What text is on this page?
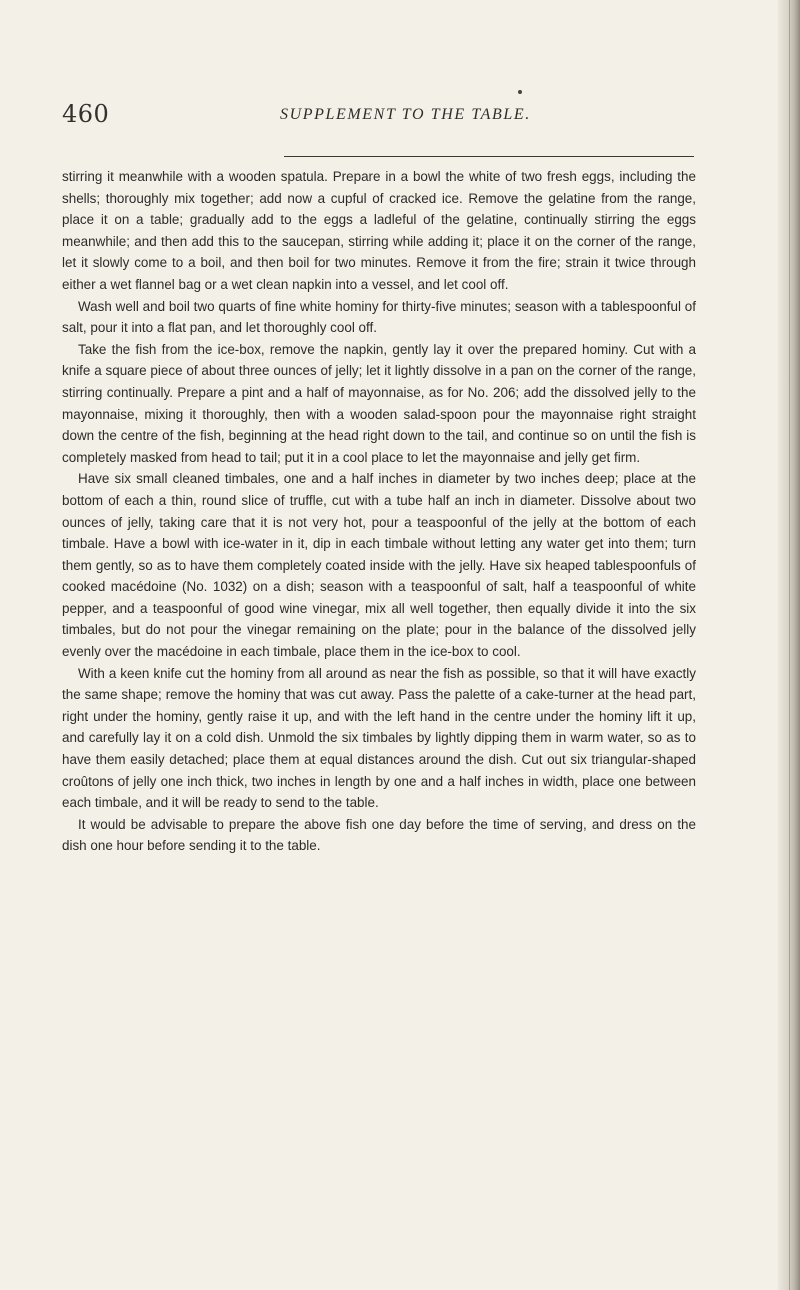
460	SUPPLEMENT TO THE TABLE.

stirring it meanwhile with a wooden spatula. Prepare in a bowl the white of two fresh eggs, including the shells; thoroughly mix together; add now a cupful of cracked ice. Remove the gelatine from the range, place it on a table; gradually add to the eggs a ladleful of the gelatine, continually stirring the eggs meanwhile; and then add this to the saucepan, stirring while adding it; place it on the corner of the range, let it slowly come to a boil, and then boil for two minutes. Remove it from the fire; strain it twice through either a wet flannel bag or a wet clean napkin into a vessel, and let cool off.

Wash well and boil two quarts of fine white hominy for thirty-five minutes; season with a tablespoonful of salt, pour it into a flat pan, and let thoroughly cool off.

Take the fish from the ice-box, remove the napkin, gently lay it over the prepared hominy. Cut with a knife a square piece of about three ounces of jelly; let it lightly dissolve in a pan on the corner of the range, stirring continually. Prepare a pint and a half of mayonnaise, as for No. 206; add the dissolved jelly to the mayonnaise, mixing it thoroughly, then with a wooden salad-spoon pour the mayonnaise right straight down the centre of the fish, beginning at the head right down to the tail, and continue so on until the fish is completely masked from head to tail; put it in a cool place to let the mayonnaise and jelly get firm.

Have six small cleaned timbales, one and a half inches in diameter by two inches deep; place at the bottom of each a thin, round slice of truffle, cut with a tube half an inch in diameter. Dissolve about two ounces of jelly, taking care that it is not very hot, pour a teaspoonful of the jelly at the bottom of each timbale. Have a bowl with ice-water in it, dip in each timbale without letting any water get into them; turn them gently, so as to have them completely coated inside with the jelly. Have six heaped tablespoonfuls of cooked macédoine (No. 1032) on a dish; season with a teaspoonful of salt, half a teaspoonful of white pepper, and a teaspoonful of good wine vinegar, mix all well together, then equally divide it into the six timbales, but do not pour the vinegar remaining on the plate; pour in the balance of the dissolved jelly evenly over the macédoine in each timbale, place them in the ice-box to cool.

With a keen knife cut the hominy from all around as near the fish as possible, so that it will have exactly the same shape; remove the hominy that was cut away. Pass the palette of a cake-turner at the head part, right under the hominy, gently raise it up, and with the left hand in the centre under the hominy lift it up, and carefully lay it on a cold dish. Unmold the six timbales by lightly dipping them in warm water, so as to have them easily detached; place them at equal distances around the dish. Cut out six triangular-shaped croûtons of jelly one inch thick, two inches in length by one and a half inches in width, place one between each timbale, and it will be ready to send to the table.

It would be advisable to prepare the above fish one day before the time of serving, and dress on the dish one hour before sending it to the table.
